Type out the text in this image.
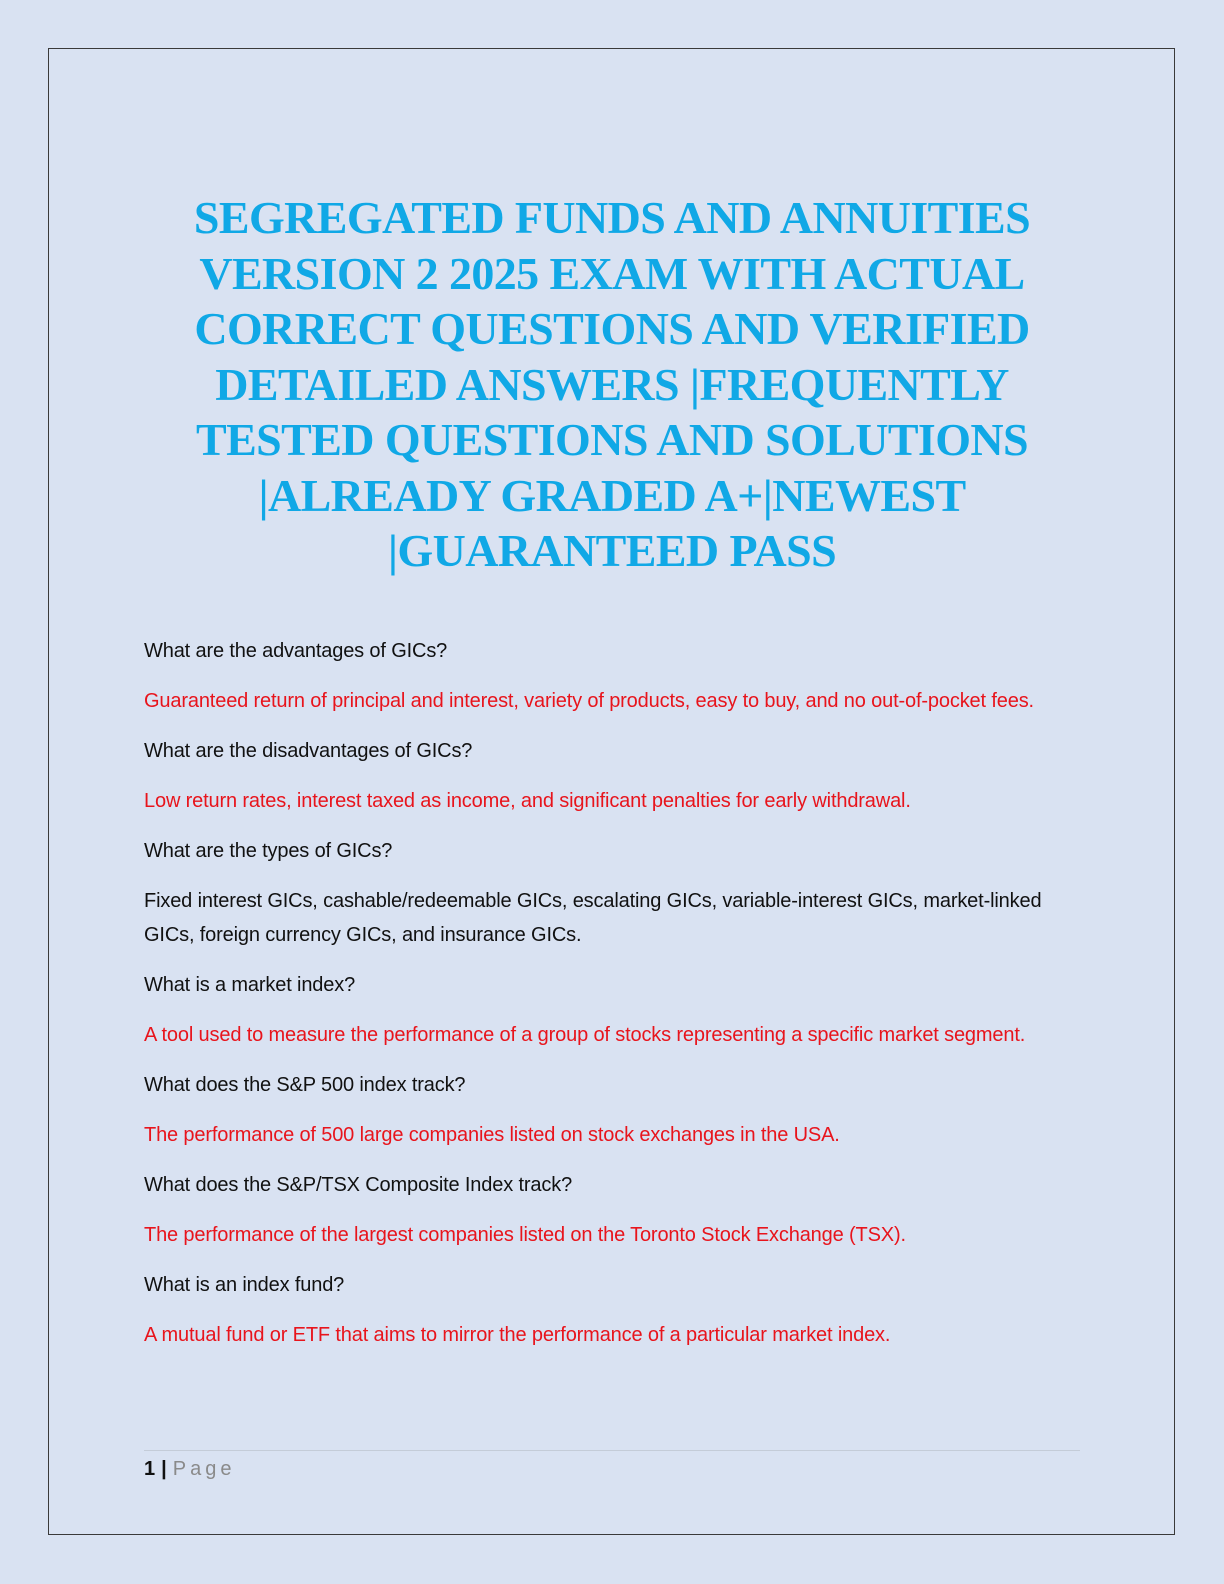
SEGREGATED FUNDS AND ANNUITIES
VERSION 2 2025 EXAM WITH ACTUAL
CORRECT QUESTIONS AND VERIFIED
DETAILED ANSWERS |FREQUENTLY
TESTED QUESTIONS AND SOLUTIONS
|ALREADY GRADED A+|NEWEST
|GUARANTEED PASS

What are the advantages of GICs?

Guaranteed return of principal and interest, variety of products, easy to buy, and no out-of-pocket fees.

What are the disadvantages of GICs?

Low return rates, interest taxed as income, and significant penalties for early withdrawal.

What are the types of GICs?

Fixed interest GICs, cashable/redeemable GICs, escalating GICs, variable-interest GICs, market-linked GICs, foreign currency GICs, and insurance GICs.

What is a market index?

A tool used to measure the performance of a group of stocks representing a specific market segment.

What does the S&P 500 index track?

The performance of 500 large companies listed on stock exchanges in the USA.

What does the S&P/TSX Composite Index track?

The performance of the largest companies listed on the Toronto Stock Exchange (TSX).

What is an index fund?

A mutual fund or ETF that aims to mirror the performance of a particular market index.

1 | Page
